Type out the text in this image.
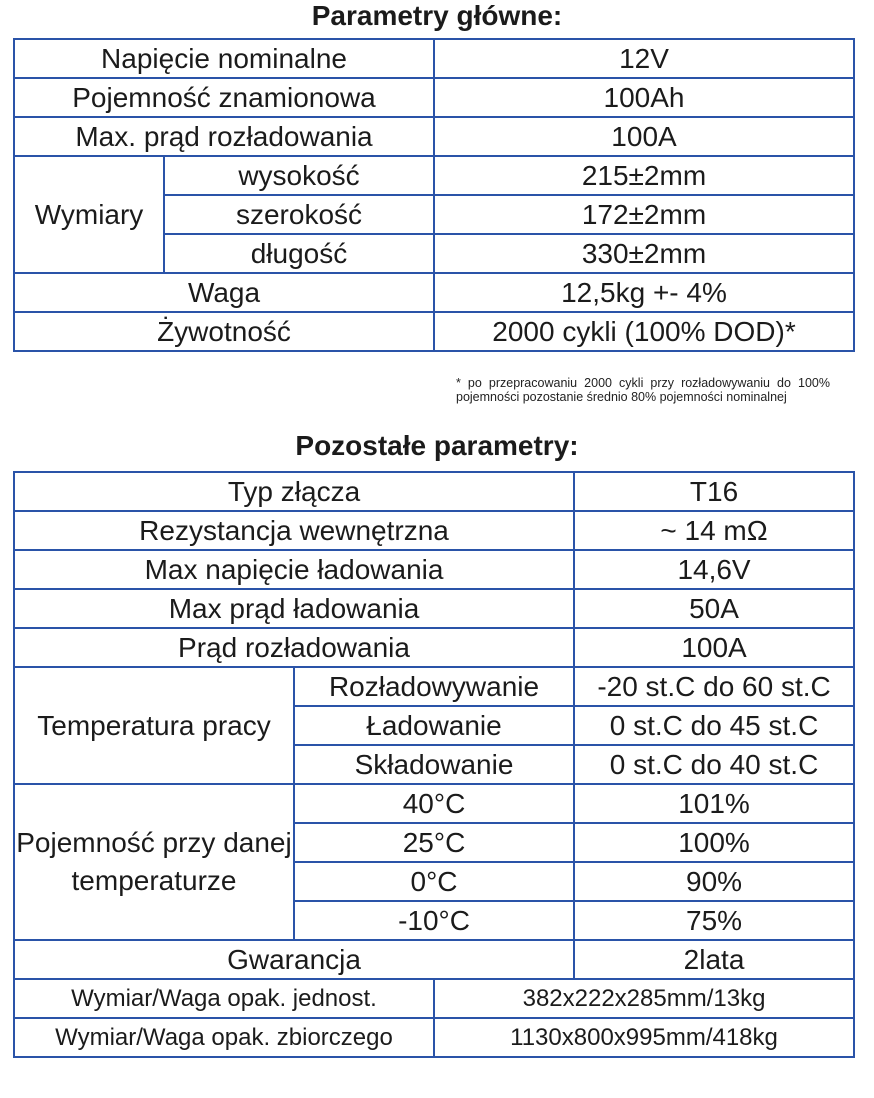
Parametry główne:
Napięcie nominalne		12V
Pojemność znamionowa		100Ah
Max. prąd rozładowania		100A
Wymiary	wysokość	215±2mm
	szerokość	172±2mm
	długość	330±2mm
Waga		12,5kg +- 4%
Żywotność		2000 cykli (100% DOD)*
* po przepracowaniu 2000 cykli przy rozładowywaniu do 100% pojemności pozostanie średnio 80% pojemności nominalnej
Pozostałe parametry:
Typ złącza			T16
Rezystancja wewnętrzna			~ 14 mΩ
Max napięcie ładowania			14,6V
Max prąd ładowania			50A
Prąd rozładowania			100A
Temperatura pracy	Rozładowywanie		-20 st.C do 60 st.C
	Ładowanie		0 st.C do 45 st.C
	Składowanie		0 st.C do 40 st.C
Pojemność przy danej temperaturze	40°C		101%
	25°C		100%
	0°C		90%
	-10°C		75%
Gwarancja			2lata
Wymiar/Waga opak. jednost.		382x222x285mm/13kg	
Wymiar/Waga opak. zbiorczego		1130x800x995mm/418kg	
